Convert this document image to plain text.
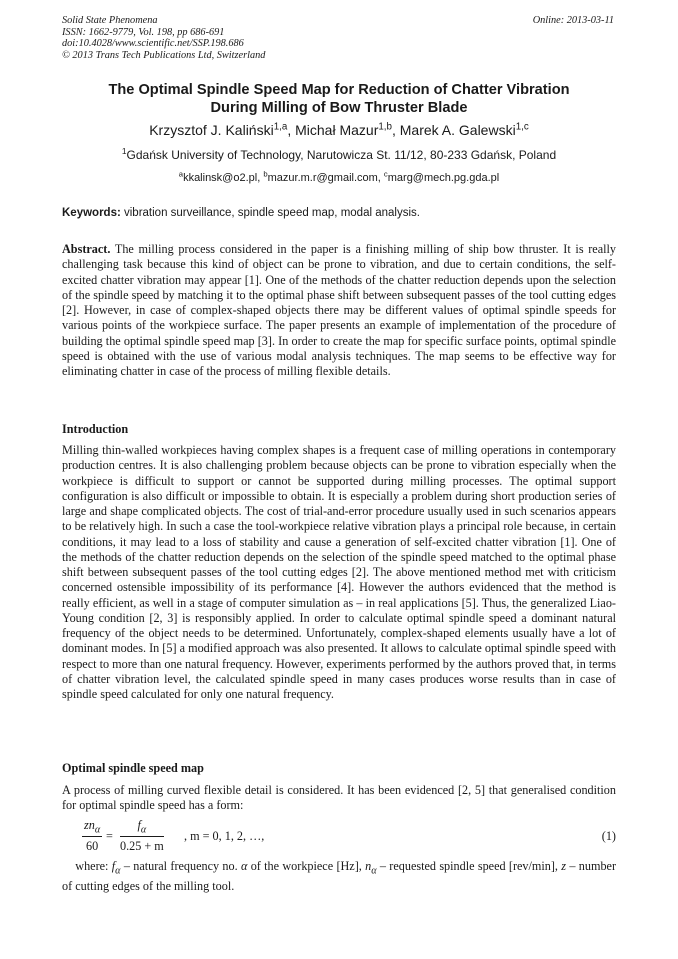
Solid State Phenomena
ISSN: 1662-9779, Vol. 198, pp 686-691
doi:10.4028/www.scientific.net/SSP.198.686
© 2013 Trans Tech Publications Ltd, Switzerland
Online: 2013-03-11
The Optimal Spindle Speed Map for Reduction of Chatter Vibration
During Milling of Bow Thruster Blade
Krzysztof J. Kaliński$^{1,a}$, Michał Mazur$^{1,b}$, Marek A. Galewski$^{1,c}$
$^1$Gdańsk University of Technology, Narutowicza St. 11/12, 80-233 Gdańsk, Poland
$^a$kkalinsk@o2.pl, $^b$mazur.m.r@gmail.com, $^c$marg@mech.pg.gda.pl
Keywords: vibration surveillance, spindle speed map, modal analysis.
Abstract. The milling process considered in the paper is a finishing milling of ship bow thruster. It is really challenging task because this kind of object can be prone to vibration, and due to certain conditions, the self-excited chatter vibration may appear [1]. One of the methods of the chatter reduction depends upon the selection of the spindle speed by matching it to the optimal phase shift between subsequent passes of the tool cutting edges [2]. However, in case of complex-shaped objects there may be different values of optimal spindle speeds for various points of the workpiece surface. The paper presents an example of implementation of the procedure of building the optimal spindle speed map [3]. In order to create the map for specific surface points, optimal spindle speed is obtained with the use of various modal analysis techniques. The map seems to be effective way for eliminating chatter in case of the process of milling flexible details.
Introduction
Milling thin-walled workpieces having complex shapes is a frequent case of milling operations in contemporary production centres. It is also challenging problem because objects can be prone to vibration especially when the workpiece is difficult to support or cannot be supported during milling processes. The optimal support configuration is also difficult or impossible to obtain. It is especially a problem during short production series of large and shape complicated objects. The cost of trial-and-error procedure usually used in such scenarios appears to be relatively high. In such a case the tool-workpiece relative vibration plays a principal role because, in certain conditions, it may lead to a loss of stability and cause a generation of self-excited chatter vibration [1]. One of the methods of the chatter reduction depends on the selection of the spindle speed matched to the optimal phase shift between subsequent passes of the tool cutting edges [2]. The above mentioned method met with criticism concerned ostensible impossibility of its performance [4]. However the authors evidenced that the method is really efficient, as well in a stage of computer simulation as – in real applications [5]. Thus, the generalized Liao-Young condition [2, 3] is responsibly applied. In order to calculate optimal spindle speed a dominant natural frequency of the object needs to be determined. Unfortunately, complex-shaped elements usually have a lot of dominant modes. In [5] a modified approach was also presented. It allows to calculate optimal spindle speed with respect to more than one natural frequency. However, experiments performed by the authors proved that, in terms of chatter vibration level, the calculated spindle speed in many cases produces worse results than in case of spindle speed calculated for only one natural frequency.
Optimal spindle speed map
A process of milling curved flexible detail is considered. It has been evidenced [2, 5] that generalised condition for optimal spindle speed has a form:
$zn_\alpha$
60
= $\frac{f_\alpha}{0.25 + m}$ , m = 0, 1, 2, …,	(1)
where: $f_\alpha$ – natural frequency no. α of the workpiece [Hz], $n_\alpha$ – requested spindle speed [rev/min], z – number of cutting edges of the milling tool.
